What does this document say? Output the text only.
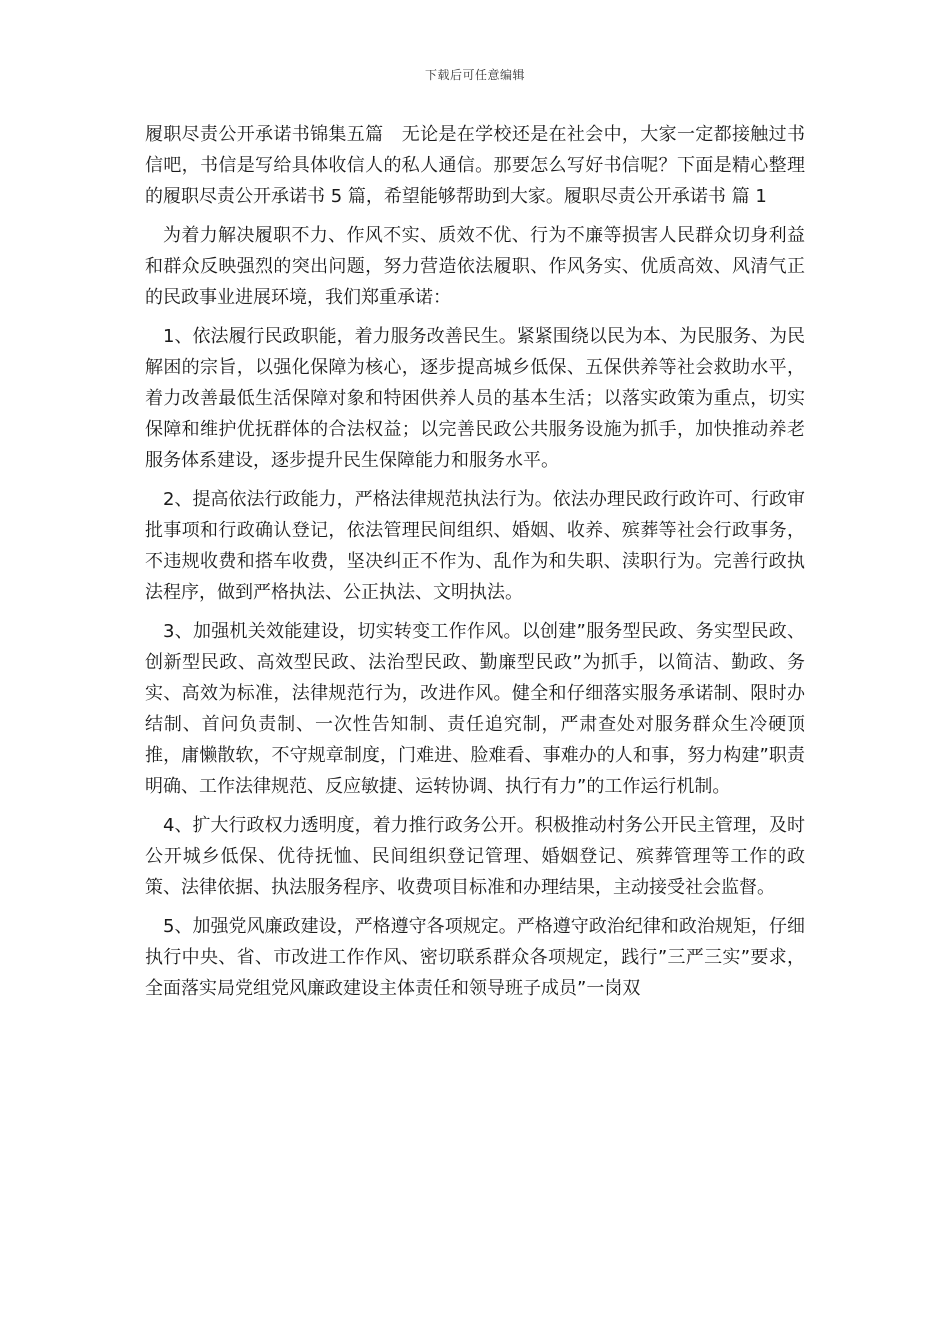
下载后可任意编辑

履职尽责公开承诺书锦集五篇　无论是在学校还是在社会中，大家一定都接触过书信吧，书信是写给具体收信人的私人通信。那要怎么写好书信呢？下面是精心整理的履职尽责公开承诺书 5 篇，希望能够帮助到大家。履职尽责公开承诺书 篇 1

为着力解决履职不力、作风不实、质效不优、行为不廉等损害人民群众切身利益和群众反映强烈的突出问题，努力营造依法履职、作风务实、优质高效、风清气正的民政事业进展环境，我们郑重承诺：

1、依法履行民政职能，着力服务改善民生。紧紧围绕以民为本、为民服务、为民解困的宗旨，以强化保障为核心，逐步提高城乡低保、五保供养等社会救助水平，着力改善最低生活保障对象和特困供养人员的基本生活；以落实政策为重点，切实保障和维护优抚群体的合法权益；以完善民政公共服务设施为抓手，加快推动养老服务体系建设，逐步提升民生保障能力和服务水平。

2、提高依法行政能力，严格法律规范执法行为。依法办理民政行政许可、行政审批事项和行政确认登记，依法管理民间组织、婚姻、收养、殡葬等社会行政事务，不违规收费和搭车收费，坚决纠正不作为、乱作为和失职、渎职行为。完善行政执法程序，做到严格执法、公正执法、文明执法。

3、加强机关效能建设，切实转变工作作风。以创建”服务型民政、务实型民政、创新型民政、高效型民政、法治型民政、勤廉型民政”为抓手，以简洁、勤政、务实、高效为标准，法律规范行为，改进作风。健全和仔细落实服务承诺制、限时办结制、首问负责制、一次性告知制、责任追究制，严肃查处对服务群众生冷硬顶推，庸懒散软，不守规章制度，门难进、脸难看、事难办的人和事，努力构建”职责明确、工作法律规范、反应敏捷、运转协调、执行有力”的工作运行机制。

4、扩大行政权力透明度，着力推行政务公开。积极推动村务公开民主管理，及时公开城乡低保、优待抚恤、民间组织登记管理、婚姻登记、殡葬管理等工作的政策、法律依据、执法服务程序、收费项目标准和办理结果，主动接受社会监督。

5、加强党风廉政建设，严格遵守各项规定。严格遵守政治纪律和政治规矩，仔细执行中央、省、市改进工作作风、密切联系群众各项规定，践行”三严三实”要求，全面落实局党组党风廉政建设主体责任和领导班子成员”一岗双
